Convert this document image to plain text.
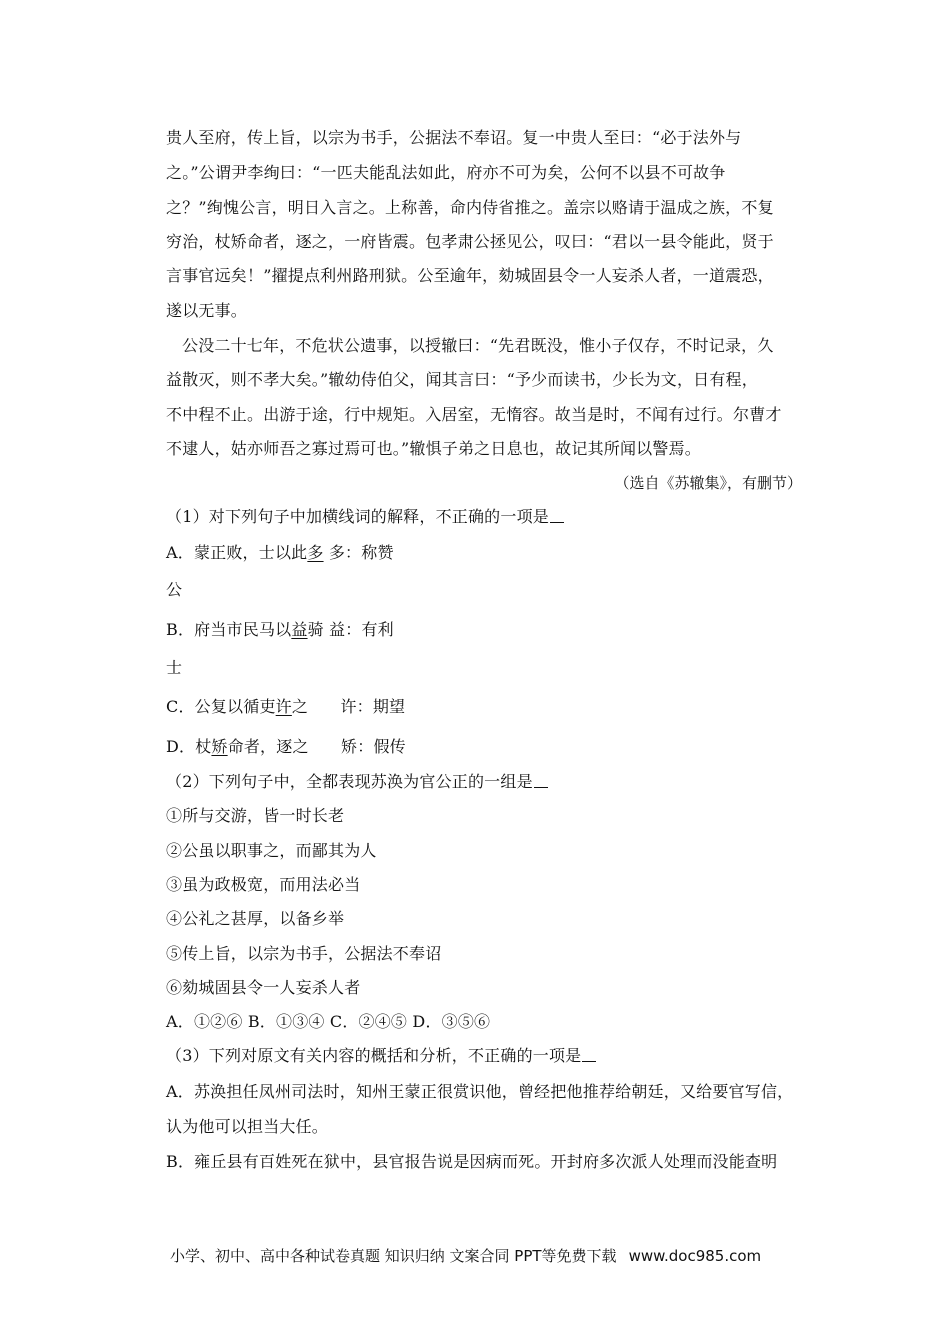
贵人至府，传上旨，以宗为书手，公据法不奉诏。复一中贵人至曰：“必于法外与
之。”公谓尹李绚曰：“一匹夫能乱法如此，府亦不可为矣，公何不以县不可故争
之？”绚愧公言，明日入言之。上称善，命内侍省推之。盖宗以赂请于温成之族，不复
穷治，杖矫命者，逐之，一府皆震。包孝肃公拯见公，叹曰：“君以一县令能此，贤于
言事官远矣！”擢提点利州路刑狱。公至逾年，劾城固县令一人妄杀人者，一道震恐，
遂以无事。
公没二十七年，不危状公遗事，以授辙曰：“先君既没，惟小子仅存，不时记录，久
益散灭，则不孝大矣。”辙幼侍伯父，闻其言曰：“予少而读书，少长为文，日有程，
不中程不止。出游于途，行中规矩。入居室，无惰容。故当是时，不闻有过行。尔曹才
不逮人，姑亦师吾之寡过焉可也。”辙惧子弟之日息也，故记其所闻以警焉。
（选自《苏辙集》，有删节）
（1）对下列句子中加横线词的解释，不正确的一项是
A．蒙正败，士以此多 多：称赞
公
B．府当市民马以益骑 益：有利
士
C．公复以循吏许之　　许：期望
D．杖矫命者，逐之　　矫：假传
（2）下列句子中，全都表现苏涣为官公正的一组是
①所与交游，皆一时长老
②公虽以职事之，而鄙其为人
③虽为政极宽，而用法必当
④公礼之甚厚，以备乡举
⑤传上旨，以宗为书手，公据法不奉诏
⑥劾城固县令一人妄杀人者
A．①②⑥ B．①③④ C．②④⑤ D．③⑤⑥
（3）下列对原文有关内容的概括和分析，不正确的一项是
A．苏涣担任凤州司法时，知州王蒙正很赏识他，曾经把他推荐给朝廷，又给要官写信，
认为他可以担当大任。
B．雍丘县有百姓死在狱中，县官报告说是因病而死。开封府多次派人处理而没能查明
小学、初中、高中各种试卷真题 知识归纳 文案合同 PPT等免费下载 www.doc985.com
